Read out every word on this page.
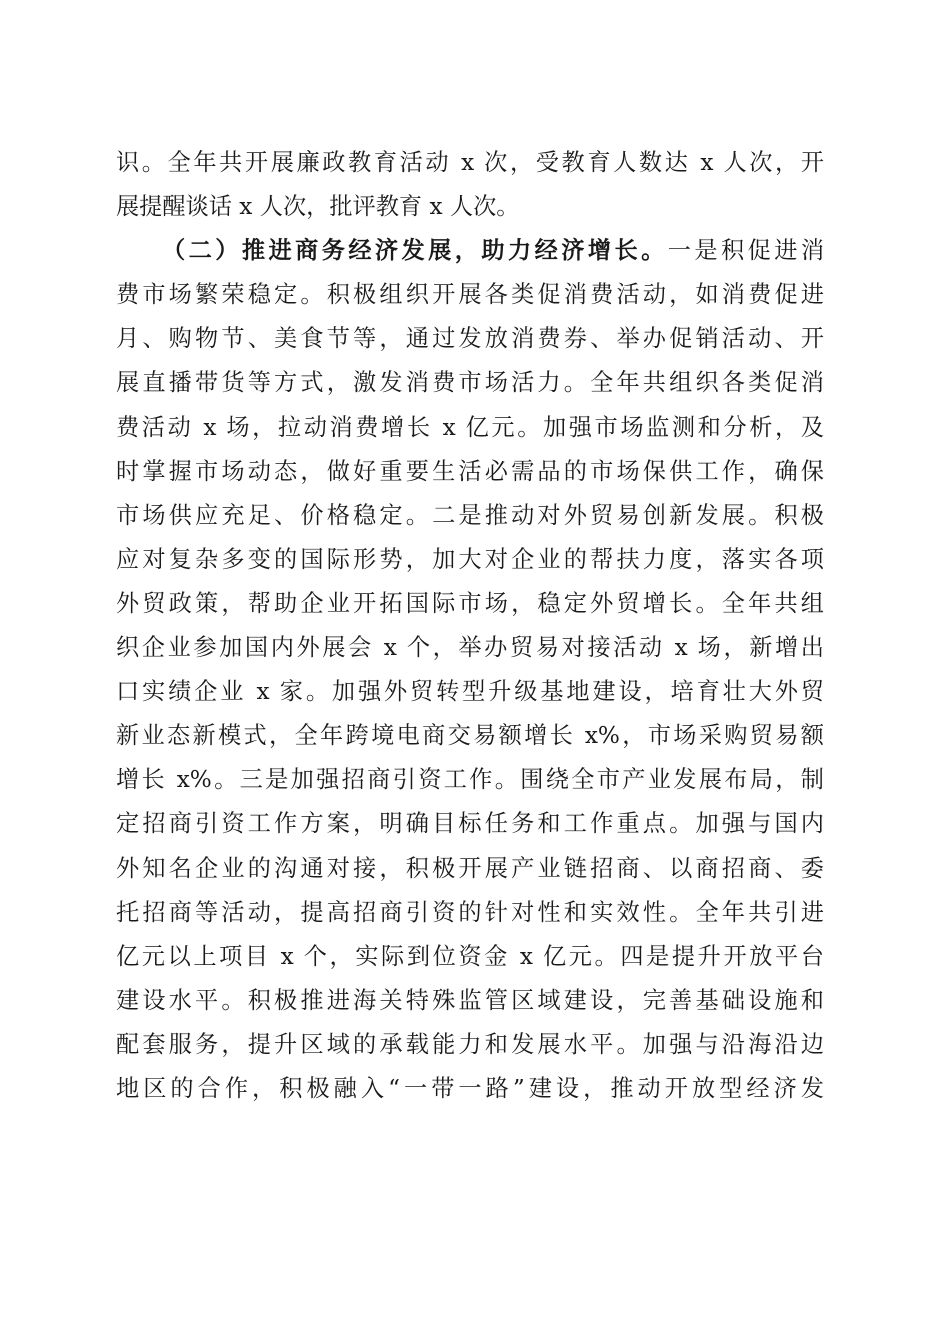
识。全年共开展廉政教育活动 x 次，受教育人数达 x 人次，开
展提醒谈话 x 人次，批评教育 x 人次。
（二）推进商务经济发展，助力经济增长。一是积促进消
费市场繁荣稳定。积极组织开展各类促消费活动，如消费促进
月、购物节、美食节等，通过发放消费券、举办促销活动、开
展直播带货等方式，激发消费市场活力。全年共组织各类促消
费活动 x 场，拉动消费增长 x 亿元。加强市场监测和分析，及
时掌握市场动态，做好重要生活必需品的市场保供工作，确保
市场供应充足、价格稳定。二是推动对外贸易创新发展。积极
应对复杂多变的国际形势，加大对企业的帮扶力度，落实各项
外贸政策，帮助企业开拓国际市场，稳定外贸增长。全年共组
织企业参加国内外展会 x 个，举办贸易对接活动 x 场，新增出
口实绩企业 x 家。加强外贸转型升级基地建设，培育壮大外贸
新业态新模式，全年跨境电商交易额增长 x%，市场采购贸易额
增长 x%。三是加强招商引资工作。围绕全市产业发展布局，制
定招商引资工作方案，明确目标任务和工作重点。加强与国内
外知名企业的沟通对接，积极开展产业链招商、以商招商、委
托招商等活动，提高招商引资的针对性和实效性。全年共引进
亿元以上项目 x 个，实际到位资金 x 亿元。四是提升开放平台
建设水平。积极推进海关特殊监管区域建设，完善基础设施和
配套服务，提升区域的承载能力和发展水平。加强与沿海沿边
地区的合作，积极融入“一带一路”建设，推动开放型经济发
